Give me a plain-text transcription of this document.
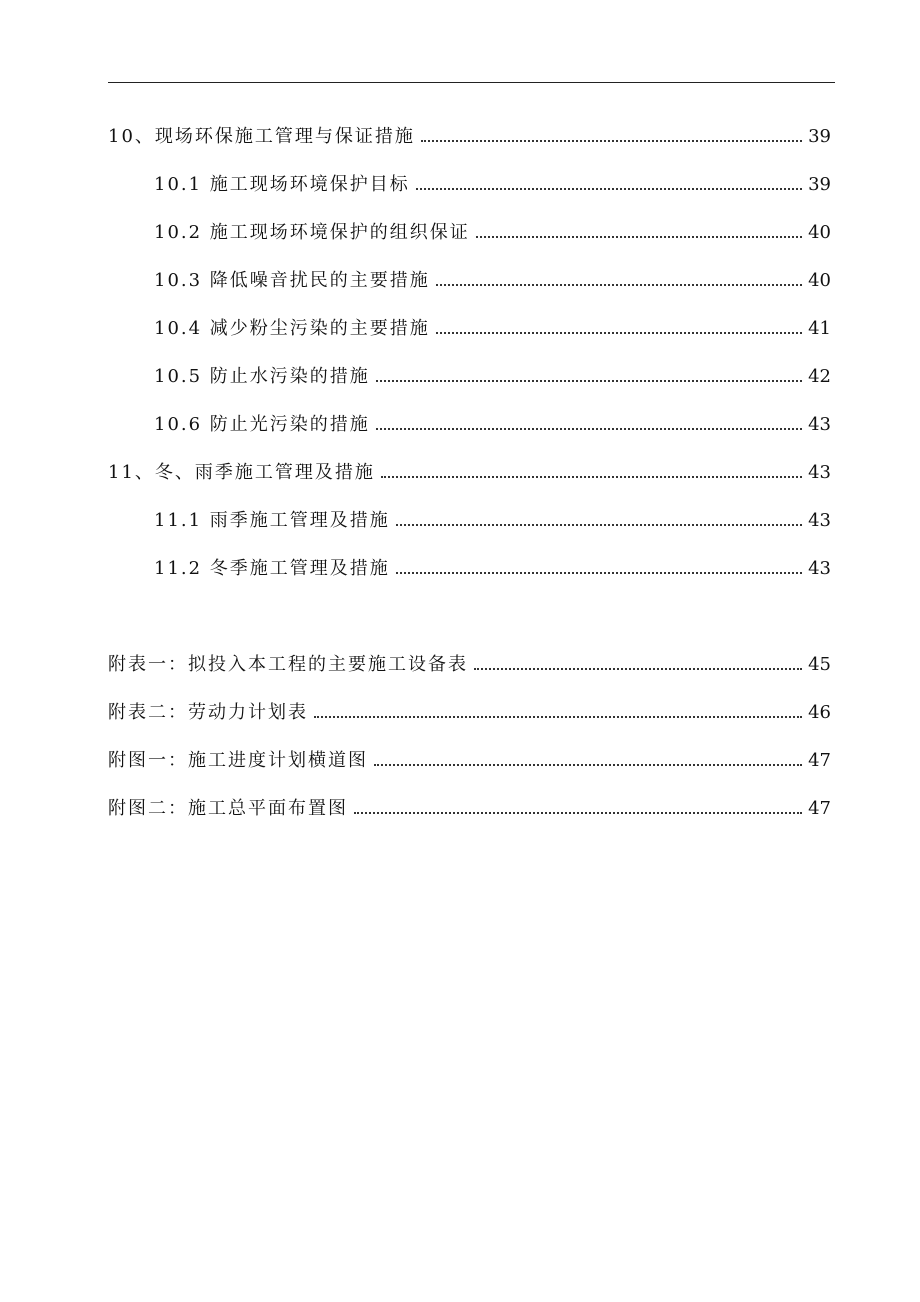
10、现场环保施工管理与保证措施	39
10.1 施工现场环境保护目标	39
10.2 施工现场环境保护的组织保证	40
10.3 降低噪音扰民的主要措施	40
10.4 减少粉尘污染的主要措施	41
10.5 防止水污染的措施	42
10.6 防止光污染的措施	43
11、冬、雨季施工管理及措施	43
11.1 雨季施工管理及措施	43
11.2 冬季施工管理及措施	43
附表一：拟投入本工程的主要施工设备表	45
附表二：劳动力计划表	46
附图一：施工进度计划横道图	47
附图二：施工总平面布置图	47
